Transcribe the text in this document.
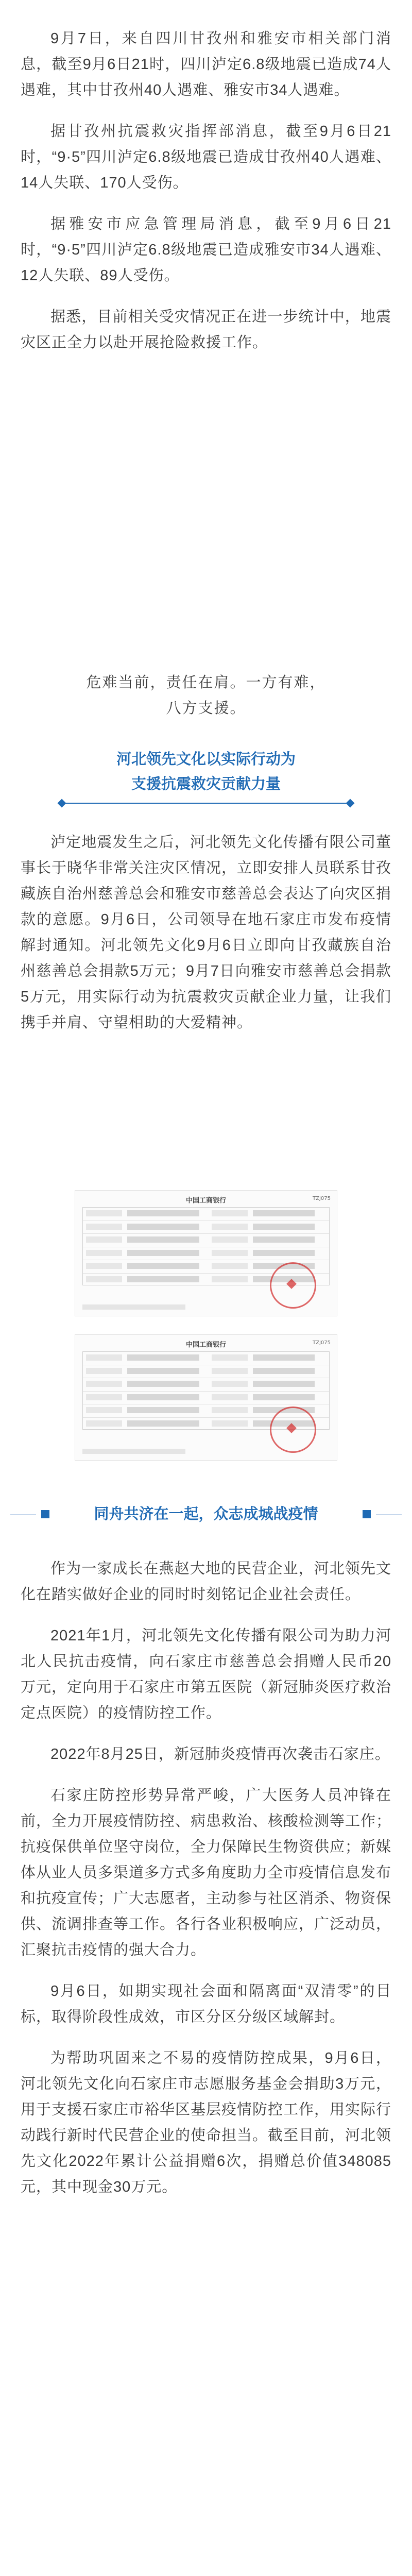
9月7日，来自四川甘孜州和雅安市相关部门消息，截至9月6日21时，四川泸定6.8级地震已造成74人遇难，其中甘孜州40人遇难、雅安市34人遇难。

据甘孜州抗震救灾指挥部消息，截至9月6日21时，“9·5”四川泸定6.8级地震已造成甘孜州40人遇难、14人失联、170人受伤。

据雅安市应急管理局消息，截至9月6日21时，“9·5”四川泸定6.8级地震已造成雅安市34人遇难、12人失联、89人受伤。

据悉，目前相关受灾情况正在进一步统计中，地震灾区正全力以赴开展抢险救援工作。

危难当前，责任在肩。一方有难，
八方支援。
河北领先文化以实际行动为
支援抗震救灾贡献力量

泸定地震发生之后，河北领先文化传播有限公司董事长于晓华非常关注灾区情况，立即安排人员联系甘孜藏族自治州慈善总会和雅安市慈善总会表达了向灾区捐款的意愿。9月6日，公司领导在地石家庄市发布疫情解封通知。河北领先文化9月6日立即向甘孜藏族自治州慈善总会捐款5万元；9月7日向雅安市慈善总会捐款5万元，用实际行动为抗震救灾贡献企业力量，让我们携手并肩、守望相助的大爱精神。

中国工商银行	TZJ075
中国工商银行	TZJ075
同舟共济在一起，众志成城战疫情

作为一家成长在燕赵大地的民营企业，河北领先文化在踏实做好企业的同时时刻铭记企业社会责任。

2021年1月，河北领先文化传播有限公司为助力河北人民抗击疫情，向石家庄市慈善总会捐赠人民币20万元，定向用于石家庄市第五医院（新冠肺炎医疗救治定点医院）的疫情防控工作。

2022年8月25日，新冠肺炎疫情再次袭击石家庄。

石家庄防控形势异常严峻，广大医务人员冲锋在前，全力开展疫情防控、病患救治、核酸检测等工作；抗疫保供单位坚守岗位，全力保障民生物资供应；新媒体从业人员多渠道多方式多角度助力全市疫情信息发布和抗疫宣传；广大志愿者，主动参与社区消杀、物资保供、流调排查等工作。各行各业积极响应，广泛动员，汇聚抗击疫情的强大合力。

9月6日，如期实现社会面和隔离面“双清零”的目标，取得阶段性成效，市区分区分级区域解封。

为帮助巩固来之不易的疫情防控成果，9月6日，河北领先文化向石家庄市志愿服务基金会捐助3万元，用于支援石家庄市裕华区基层疫情防控工作，用实际行动践行新时代民营企业的使命担当。截至目前，河北领先文化2022年累计公益捐赠6次，捐赠总价值348085元，其中现金30万元。
